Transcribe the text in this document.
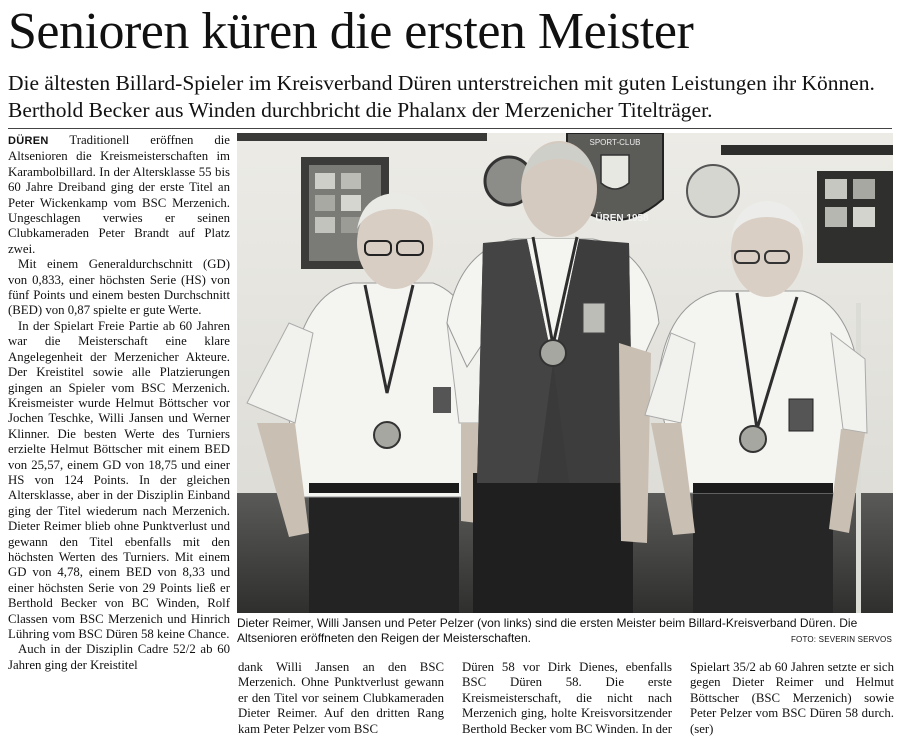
Senioren küren die ersten Meister

Die ältesten Billard-Spieler im Kreisverband Düren unterstreichen mit guten Leistungen ihr Können. Berthold Becker aus Winden durchbricht die Phalanx der Merzenicher Titelträger.

DÜREN Traditionell eröffnen die Altsenioren die Kreismeisterschaften im Karambolbillard. In der Altersklasse 55 bis 60 Jahre Dreiband ging der erste Titel an Peter Wickenkamp vom BSC Merzenich. Ungeschlagen verwies er seinen Clubkameraden Peter Brandt auf Platz zwei.

Mit einem Generaldurchschnitt (GD) von 0,833, einer höchsten Serie (HS) von fünf Points und einem besten Durchschnitt (BED) von 0,87 spielte er gute Werte.

In der Spielart Freie Partie ab 60 Jahren war die Meisterschaft eine klare Angelegenheit der Merzenicher Akteure. Der Kreistitel sowie alle Platzierungen gingen an Spieler vom BSC Merzenich. Kreismeister wurde Helmut Böttscher vor Jochen Teschke, Willi Jansen und Werner Klinner. Die besten Werte des Turniers erzielte Helmut Böttscher mit einem BED von 25,57, einem GD von 18,75 und einer HS von 124 Points. In der gleichen Altersklasse, aber in der Disziplin Einband ging der Titel wiederum nach Merzenich. Dieter Reimer blieb ohne Punktverlust und gewann den Titel ebenfalls mit den höchsten Werten des Turniers. Mit einem GD von 4,78, einem BED von 8,33 und einer höchsten Serie von 29 Points ließ er Berthold Becker von BC Winden, Rolf Classen vom BSC Merzenich und Hinrich Lühring vom BSC Düren 58 keine Chance.

Auch in der Disziplin Cadre 52/2 ab 60 Jahren ging der Kreistitel

SPORT-CLUB
ÜREN 1958

Dieter Reimer, Willi Jansen und Peter Pelzer (von links) sind die ersten Meister beim Billard-Kreisverband Düren. Die Altsenioren eröffneten den Reigen der Meisterschaften.	FOTO: SEVERIN SERVOS

dank Willi Jansen an den BSC Merzenich. Ohne Punktverlust gewann er den Titel vor seinem Clubkameraden Dieter Reimer. Auf den dritten Rang kam Peter Pelzer vom BSC

Düren 58 vor Dirk Dienes, ebenfalls BSC Düren 58. Die erste Kreismeisterschaft, die nicht nach Merzenich ging, holte Kreisvorsitzender Berthold Becker vom BC Winden. In der

Spielart 35/2 ab 60 Jahren setzte er sich gegen Dieter Reimer und Helmut Böttscher (BSC Merzenich) sowie Peter Pelzer vom BSC Düren 58 durch. (ser)
